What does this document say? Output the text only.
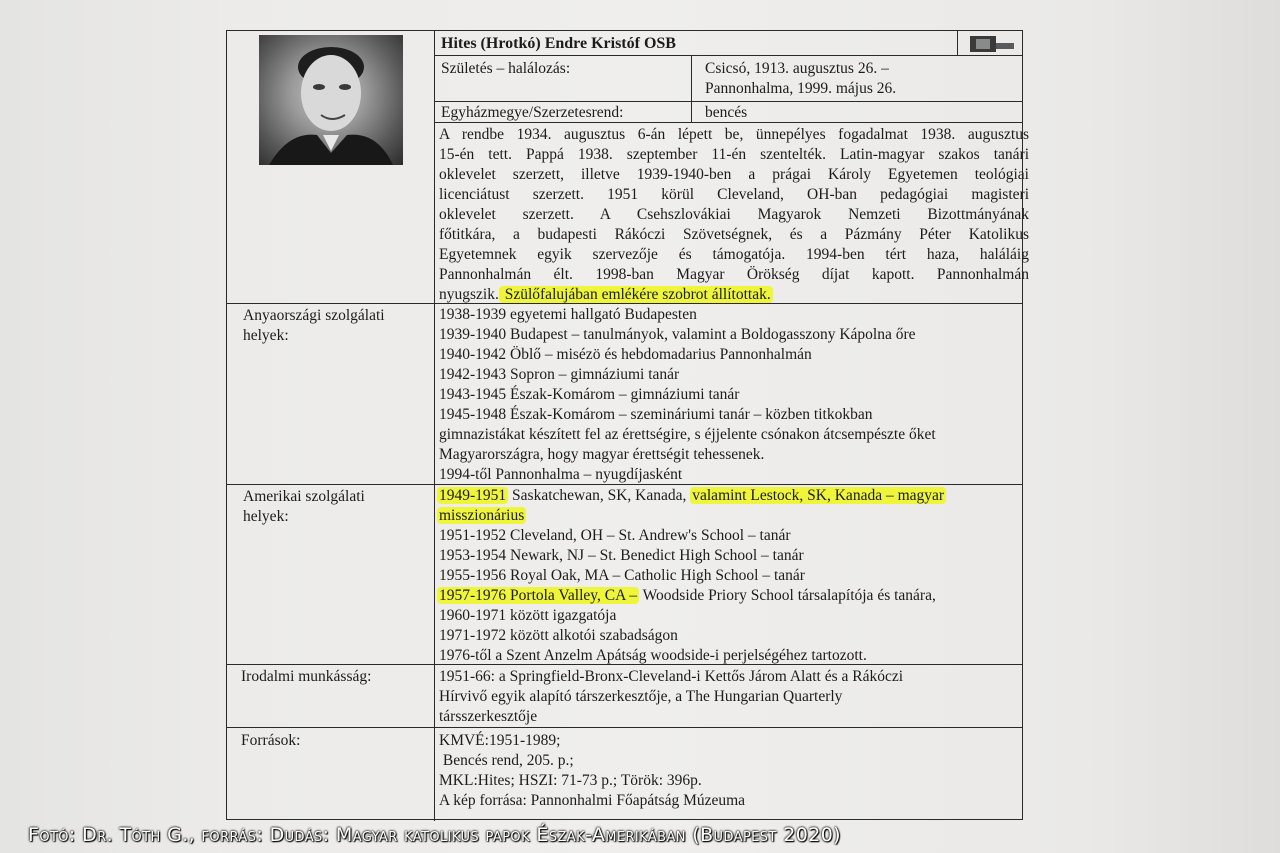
Hites (Hrotkó) Endre Kristóf OSB
Születés – halálozás:	Csicsó, 1913. augusztus 26. –
Pannonhalma, 1999. május 26.
Egyházmegye/Szerzetesrend:	bencés
A rendbe 1934. augusztus 6-án lépett be, ünnepélyes fogadalmat 1938. augusztus
15-én tett. Pappá 1938. szeptember 11-én szentelték. Latin-magyar szakos tanári
oklevelet szerzett, illetve 1939-1940-ben a prágai Károly Egyetemen teológiai
licenciátust szerzett. 1951 körül Cleveland, OH-ban pedagógiai magisteri
oklevelet szerzett. A Csehszlovákiai Magyarok Nemzeti Bizottmányának
főtitkára, a budapesti Rákóczi Szövetségnek, és a Pázmány Péter Katolikus
Egyetemnek egyik szervezője és támogatója. 1994-ben tért haza, haláláig
Pannonhalmán élt. 1998-ban Magyar Örökség díjat kapott. Pannonhalmán
nyugszik. Szülőfalujában emlékére szobrot állítottak.
Anyaországi szolgálati
helyek:
1938-1939 egyetemi hallgató Budapesten
1939-1940 Budapest – tanulmányok, valamint a Boldogasszony Kápolna őre
1940-1942 Öblő – misézö és hebdomadarius Pannonhalmán
1942-1943 Sopron – gimnáziumi tanár
1943-1945 Észak-Komárom – gimnáziumi tanár
1945-1948 Észak-Komárom – szemináriumi tanár – közben titkokban
gimnazistákat készített fel az érettségire, s éjjelente csónakon átcsempészte őket
Magyarországra, hogy magyar érettségit tehessenek.
1994-től Pannonhalma – nyugdíjasként
Amerikai szolgálati
helyek:
1949-1951 Saskatchewan, SK, Kanada, valamint Lestock, SK, Kanada – magyar
misszionárius
1951-1952 Cleveland, OH – St. Andrew's School – tanár
1953-1954 Newark, NJ – St. Benedict High School – tanár
1955-1956 Royal Oak, MA – Catholic High School – tanár
1957-1976 Portola Valley, CA – Woodside Priory School társalapítója és tanára,
1960-1971 között igazgatója
1971-1972 között alkotói szabadságon
1976-től a Szent Anzelm Apátság woodside-i perjelségéhez tartozott.
Irodalmi munkásság:	1951-66: a Springfield-Bronx-Cleveland-i Kettős Járom Alatt és a Rákóczi
Hírvivő egyik alapító társzerkesztője, a The Hungarian Quarterly
társszerkesztője
Források:	KMVÉ:1951-1989;
Bencés rend, 205. p.;
MKL:Hites; HSZI: 71-73 p.; Török: 396p.
A kép forrása: Pannonhalmi Főapátság Múzeuma
Fotó: Dr. Tóth G., forrás: Dudás: Magyar katolikus papok Észak-Amerikában (Budapest 2020)
